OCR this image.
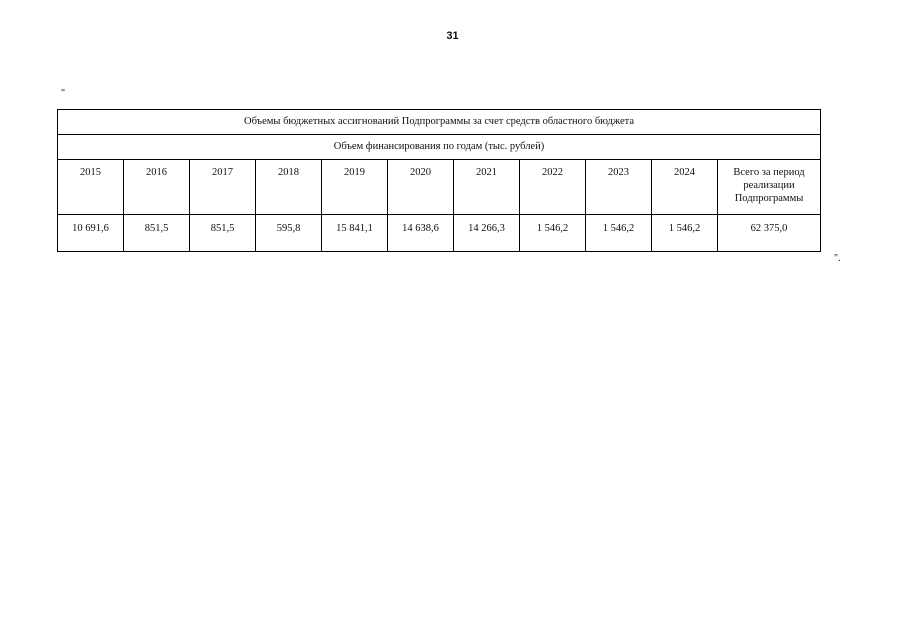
31
"
Объемы бюджетных ассигнований Подпрограммы за счет средств областного бюджета										
Объем финансирования по годам (тыс. рублей)										
2015	2016	2017	2018	2019	2020	2021	2022	2023	2024	Всего за период реализации Подпрограммы
10 691,6	851,5	851,5	595,8	15 841,1	14 638,6	14 266,3	1 546,2	1 546,2	1 546,2	62 375,0
".
